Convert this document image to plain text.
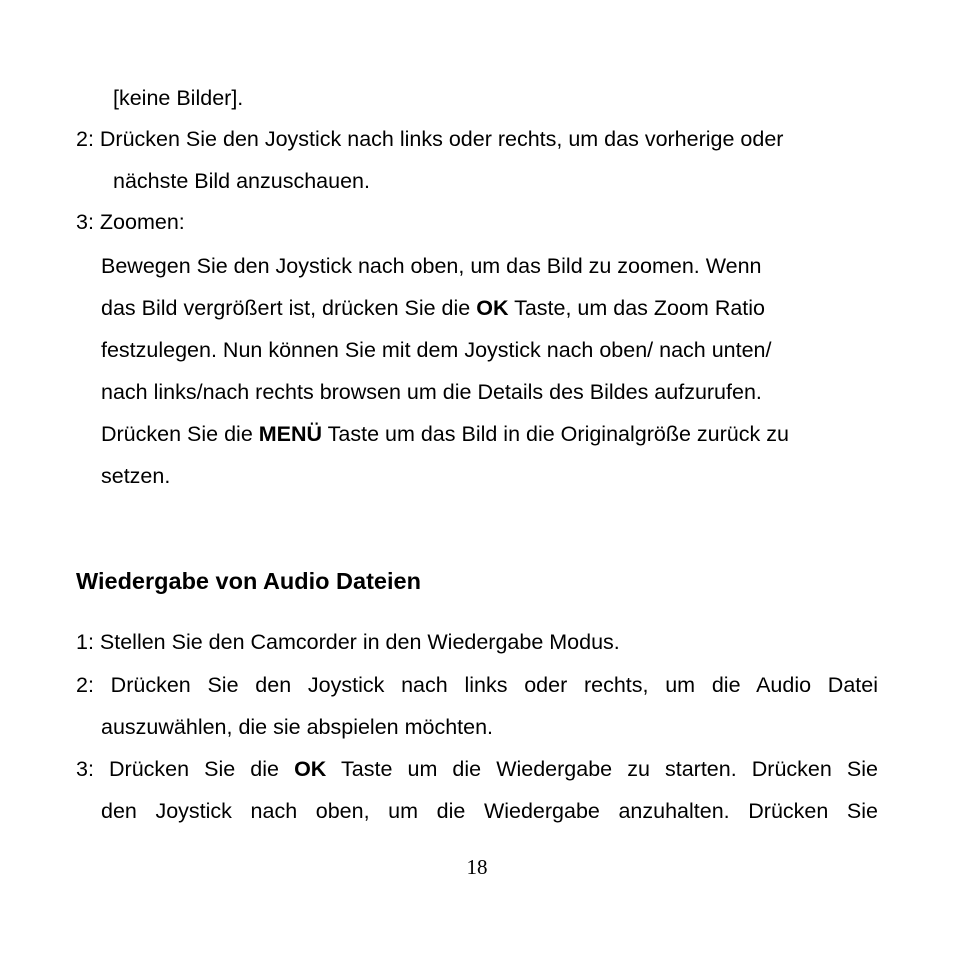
[keine Bilder].
2: Drücken Sie den Joystick nach links oder rechts, um das vorherige oder
nächste Bild anzuschauen.
3: Zoomen:
Bewegen Sie den Joystick nach oben, um das Bild zu zoomen. Wenn
das Bild vergrößert ist, drücken Sie die OK Taste, um das Zoom Ratio
festzulegen. Nun können Sie mit dem Joystick nach oben/ nach unten/
nach links/nach rechts browsen um die Details des Bildes aufzurufen.
Drücken Sie die MENÜ Taste um das Bild in die Originalgröße zurück zu
setzen.
Wiedergabe von Audio Dateien
1: Stellen Sie den Camcorder in den Wiedergabe Modus.
2: Drücken Sie den Joystick nach links oder rechts, um die Audio Datei
auszuwählen, die sie abspielen möchten.
3: Drücken Sie die OK Taste um die Wiedergabe zu starten. Drücken Sie
den Joystick nach oben, um die Wiedergabe anzuhalten. Drücken Sie
18
